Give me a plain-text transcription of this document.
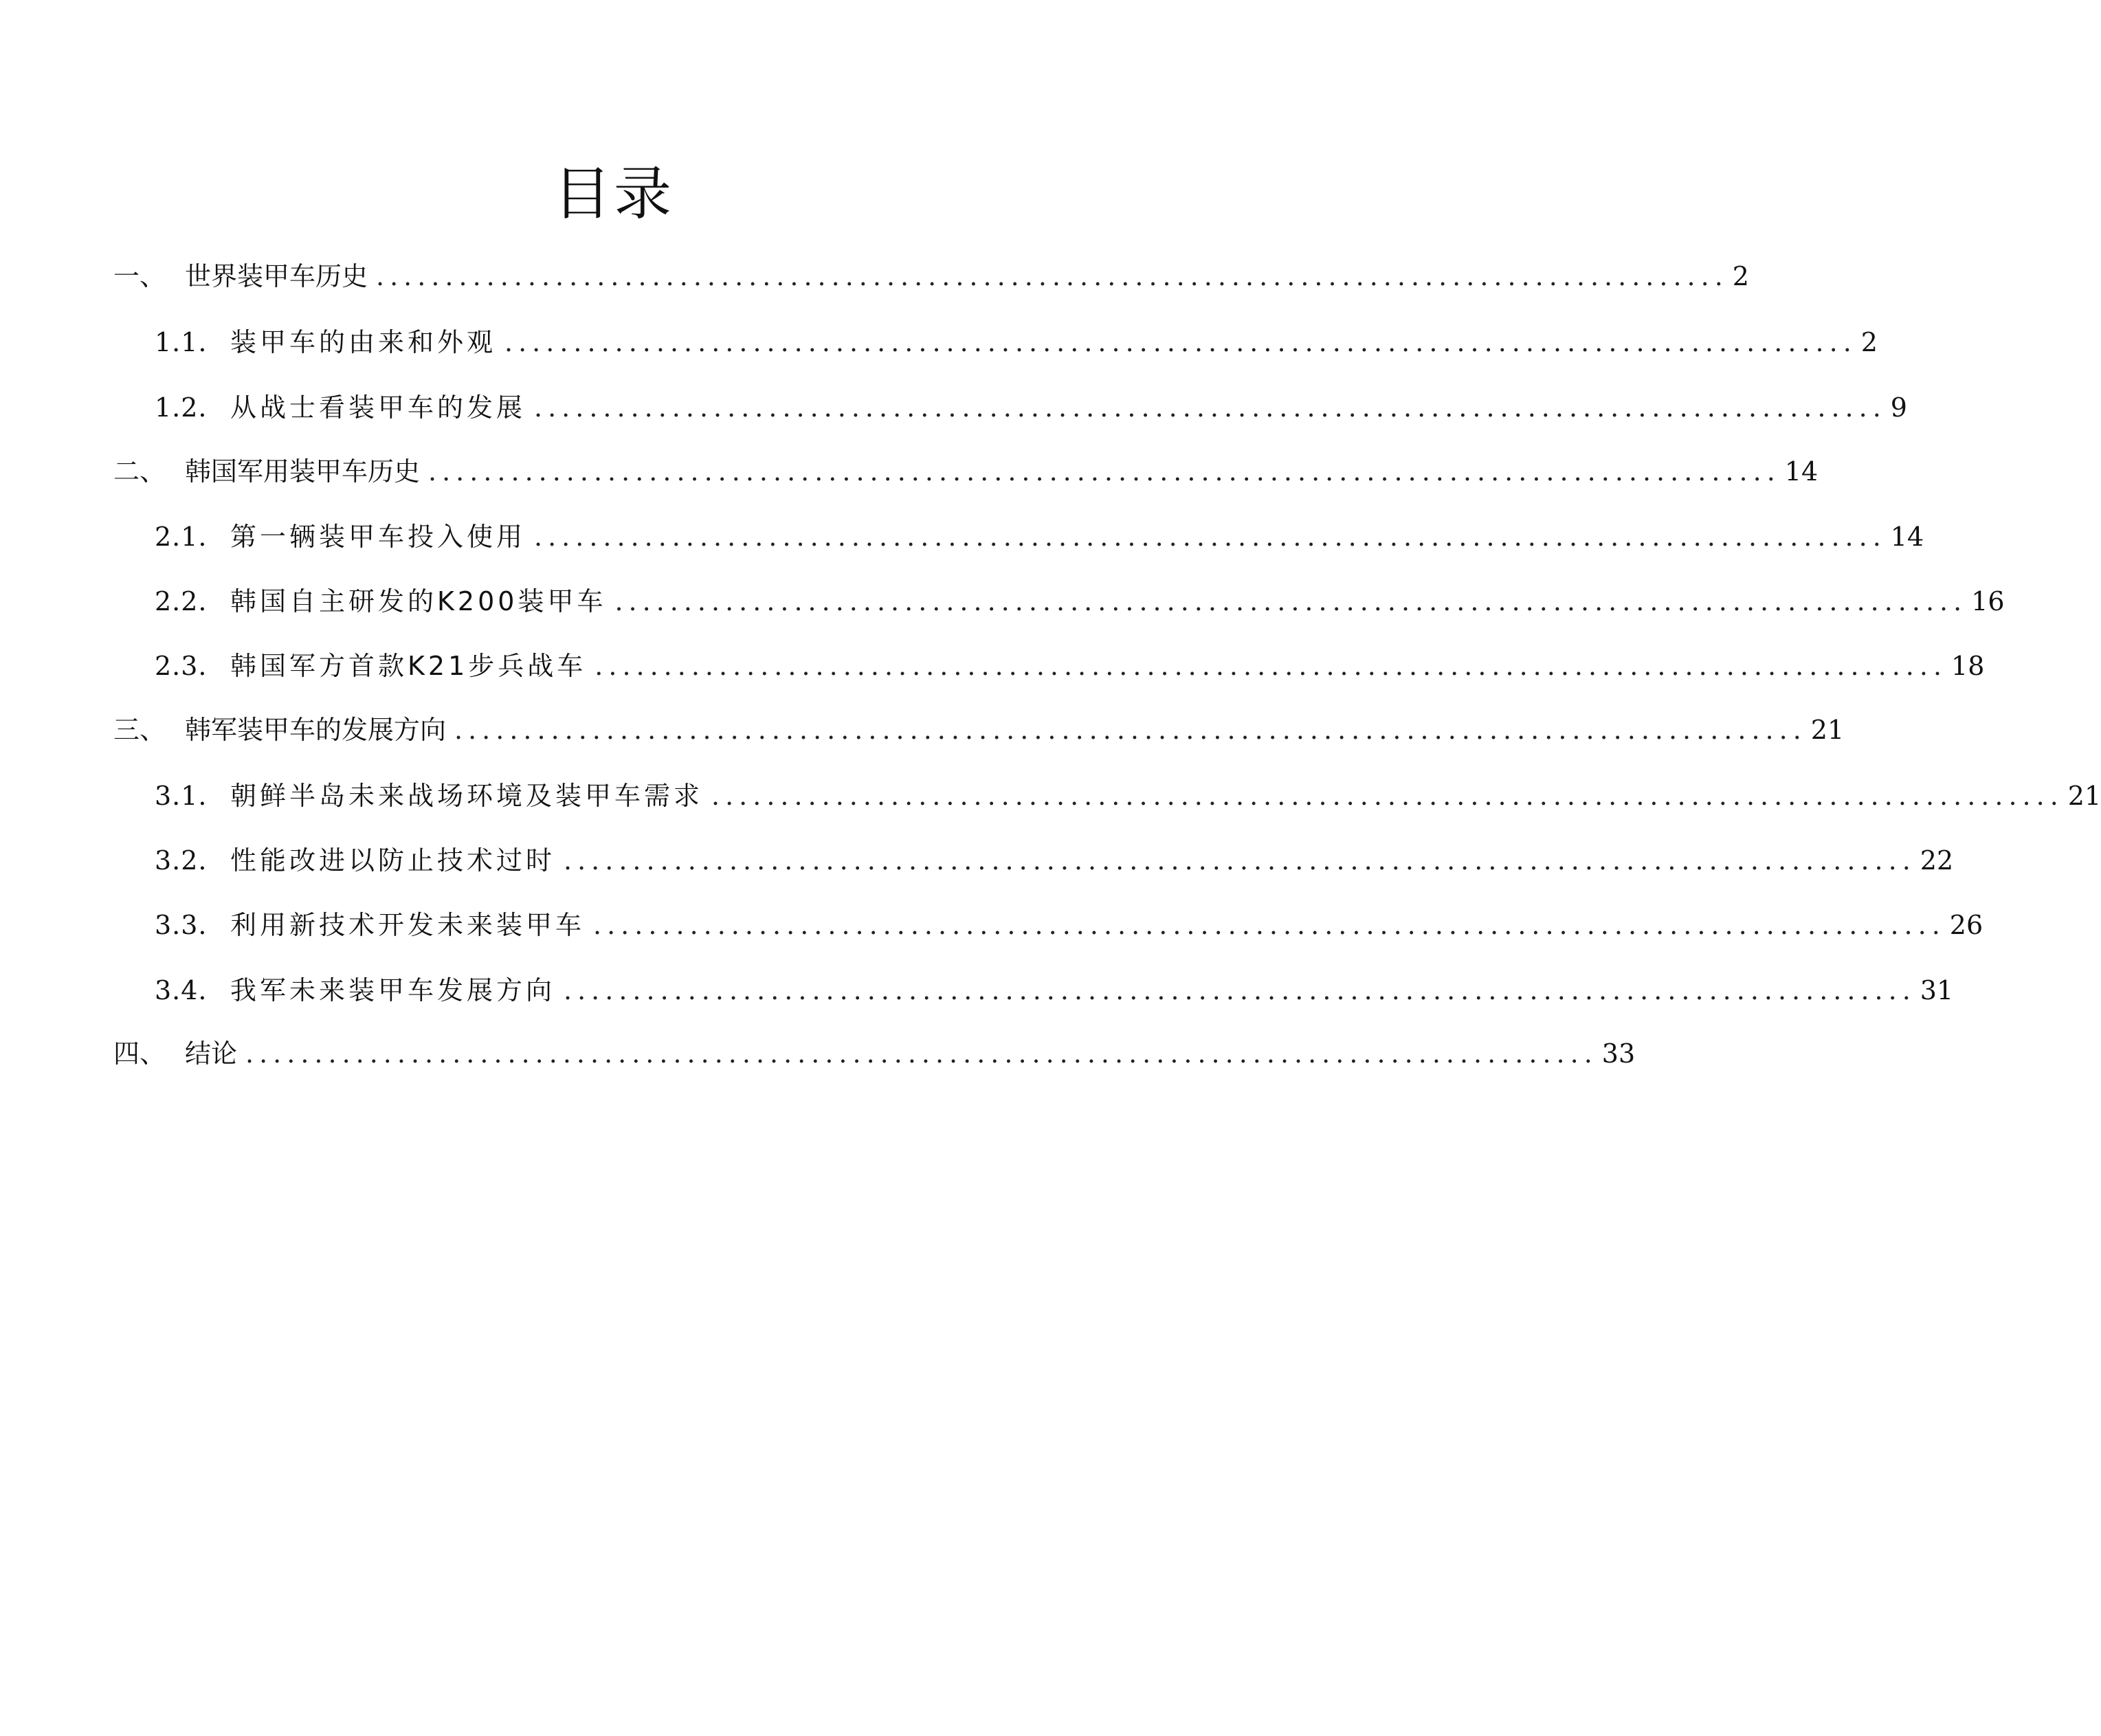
目录
一、 世界装甲车历史 .................................................................................................. 2
1.1. 装甲车的由来和外观 .................................................................................................. 2
1.2. 从战士看装甲车的发展 .................................................................................................. 9
二、 韩国军用装甲车历史 .................................................................................................. 14
2.1. 第一辆装甲车投入使用 .................................................................................................. 14
2.2. 韩国自主研发的K200装甲车 .................................................................................................. 16
2.3. 韩国军方首款K21步兵战车 .................................................................................................. 18
三、 韩军装甲车的发展方向 .................................................................................................. 21
3.1. 朝鲜半岛未来战场环境及装甲车需求 .................................................................................................. 21
3.2. 性能改进以防止技术过时 .................................................................................................. 22
3.3. 利用新技术开发未来装甲车 .................................................................................................. 26
3.4. 我军未来装甲车发展方向 .................................................................................................. 31
四、 结论 .................................................................................................. 33
